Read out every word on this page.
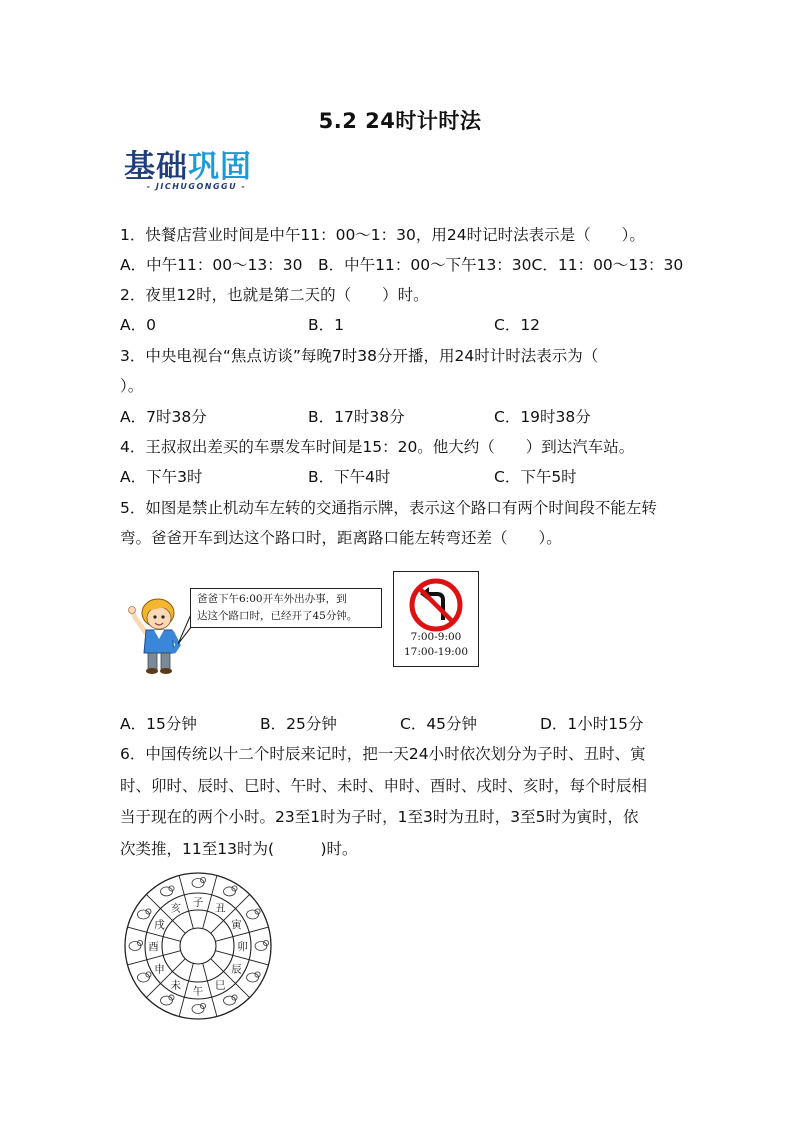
5.2 24时计时法
基础巩固
- JICHUGONGGU -
1．快餐店营业时间是中午11：00～1：30，用24时记时法表示是（　　）。
A．中午11：00～13：30　B．中午11：00～下午13：30C．11：00～13：30
2．夜里12时，也就是第二天的（　　）时。
A．0	B．1	C．12
3．中央电视台“焦点访谈”每晚7时38分开播，用24时计时法表示为（
）。
A．7时38分	B．17时38分	C．19时38分
4．王叔叔出差买的车票发车时间是15：20。他大约（　　）到达汽车站。
A．下午3时	B．下午4时	C．下午5时
5．如图是禁止机动车左转的交通指示牌，表示这个路口有两个时间段不能左转
弯。爸爸开车到达这个路口时，距离路口能左转弯还差（　　）。
爸爸下午6:00开车外出办事，到
达这个路口时，已经开了45分钟。
7:00-9:00
17:00-19:00
A．15分钟	B．25分钟	C．45分钟	D．1小时15分
6．中国传统以十二个时辰来记时，把一天24小时依次划分为子时、丑时、寅
时、卯时、辰时、巳时、午时、未时、申时、酉时、戌时、亥时，每个时辰相
当于现在的两个小时。23至1时为子时，1至3时为丑时，3至5时为寅时，依
次类推，11至13时为(　　　)时。
子 丑
寅
卯
辰
巳
午
未
申
酉
戌
亥
